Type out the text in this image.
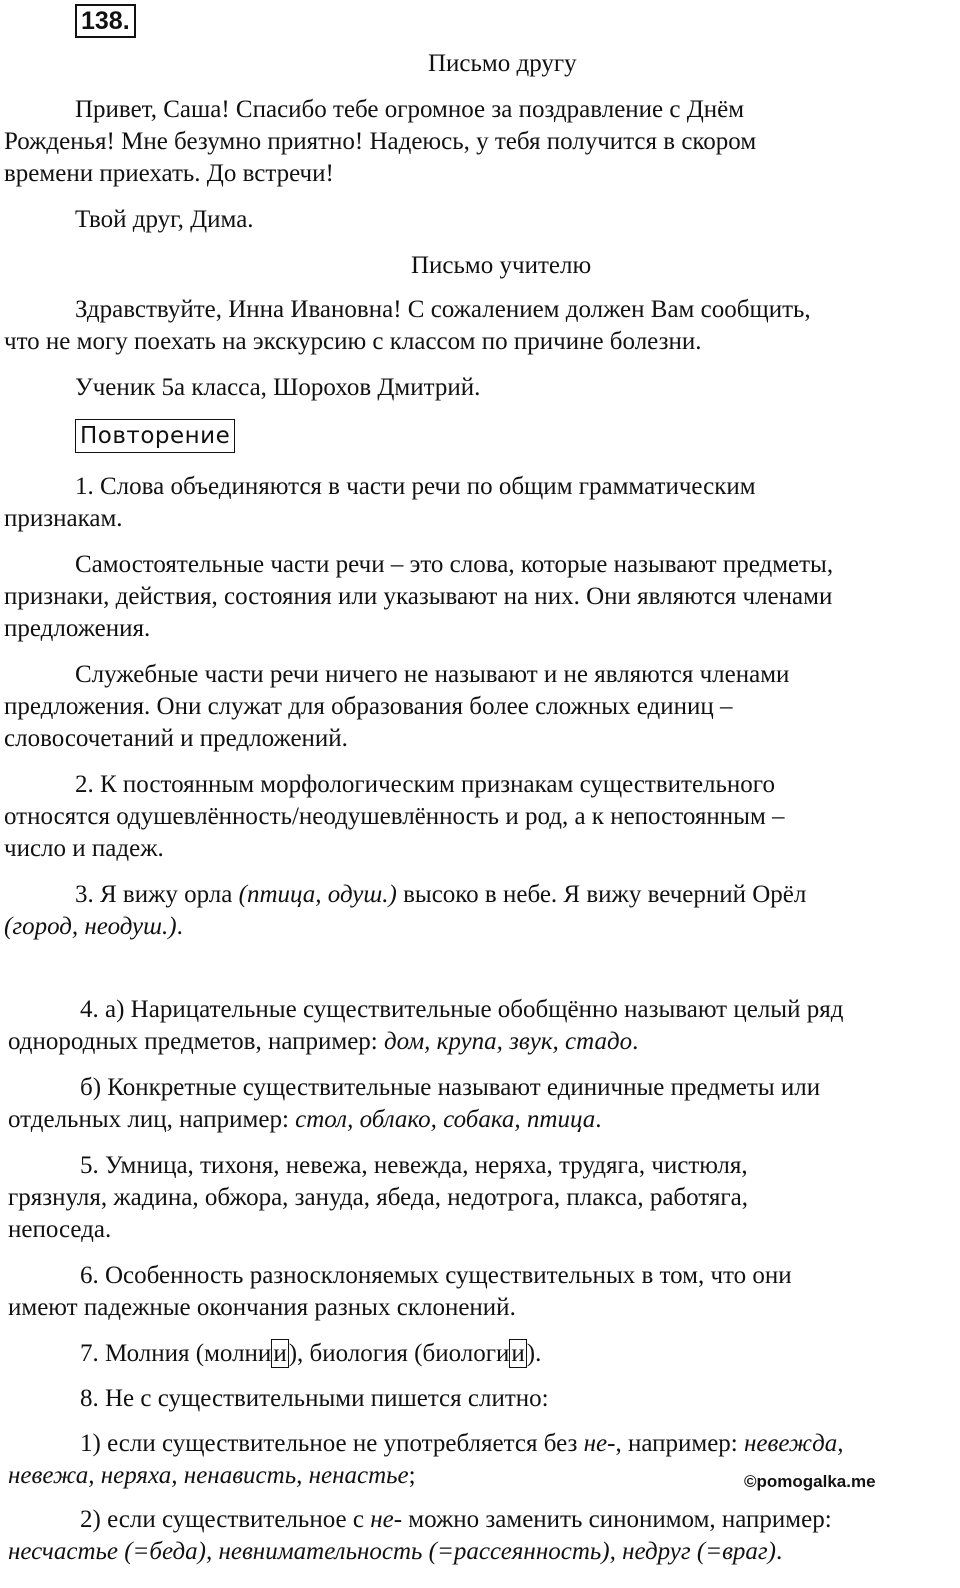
138.
Письмо другу
Привет, Саша! Спасибо тебе огромное за поздравление с Днём
Рожденья! Мне безумно приятно! Надеюсь, у тебя получится в скором
времени приехать. До встречи!
Твой друг, Дима.
Письмо учителю
Здравствуйте, Инна Ивановна! С сожалением должен Вам сообщить,
что не могу поехать на экскурсию с классом по причине болезни.
Ученик 5а класса, Шорохов Дмитрий.
Повторение
1. Слова объединяются в части речи по общим грамматическим
признакам.
Самостоятельные части речи – это слова, которые называют предметы,
признаки, действия, состояния или указывают на них. Они являются членами
предложения.
Служебные части речи ничего не называют и не являются членами
предложения. Они служат для образования более сложных единиц –
словосочетаний и предложений.
2. К постоянным морфологическим признакам существительного
относятся одушевлённость/неодушевлённость и род, а к непостоянным –
число и падеж.
3. Я вижу орла (птица, одуш.) высоко в небе. Я вижу вечерний Орёл
(город, неодуш.).
4. а) Нарицательные существительные обобщённо называют целый ряд
однородных предметов, например: дом, крупа, звук, стадо.
б) Конкретные существительные называют единичные предметы или
отдельных лиц, например: стол, облако, собака, птица.
5. Умница, тихоня, невежа, невежда, неряха, трудяга, чистюля,
грязнуля, жадина, обжора, зануда, ябеда, недотрога, плакса, работяга,
непоседа.
6. Особенность разносклоняемых существительных в том, что они
имеют падежные окончания разных склонений.
7. Молния (молнии), биология (биологии).
8. Не с существительными пишется слитно:
1) если существительное не употребляется без не-, например: невежда,
невежа, неряха, ненависть, ненастье;	©pomogalka.me
2) если существительное с не- можно заменить синонимом, например:
несчастье (=беда), невнимательность (=рассеянность), недруг (=враг).
